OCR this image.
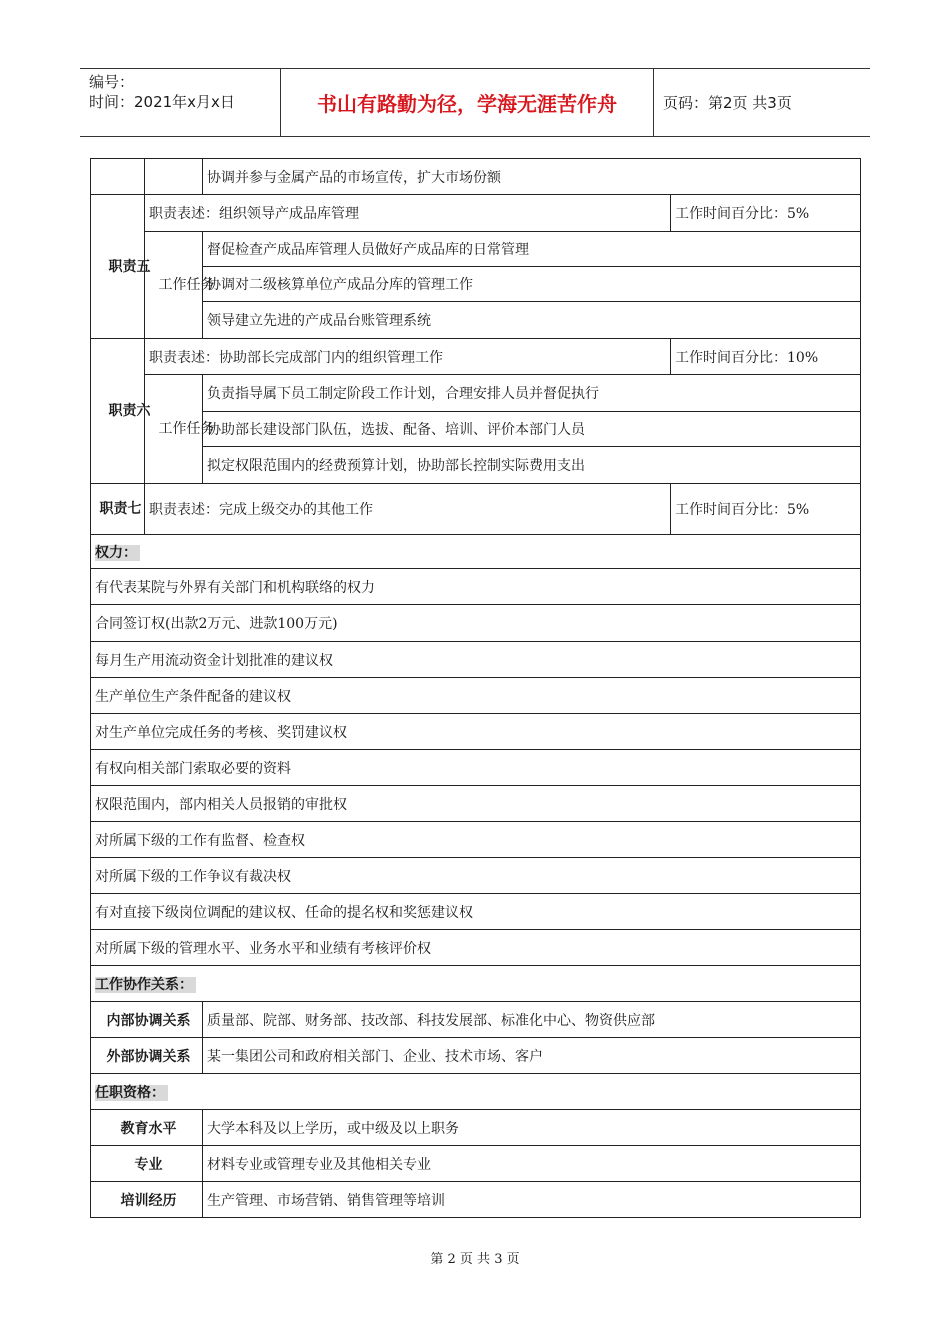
编号：
时间：2021年x月x日	书山有路勤为径，学海无涯苦作舟	页码：第2页 共3页
		协调并参与金属产品的市场宣传，扩大市场份额	

职责五	职责表述：组织领导产成品库管理		工作时间百分比：5%

	工作任务	督促检查产成品库管理人员做好产成品库的日常管理	
		协调对二级核算单位产成品分库的管理工作	
		领导建立先进的产成品台账管理系统	

职责六	职责表述：协助部长完成部门内的组织管理工作		工作时间百分比：10%

	工作任务	负责指导属下员工制定阶段工作计划，合理安排人员并督促执行	
		协助部长建设部门队伍，选拔、配备、培训、评价本部门人员	
		拟定权限范围内的经费预算计划，协助部长控制实际费用支出	

职责七	职责表述：完成上级交办的其他工作		工作时间百分比：5%
权力：			
有代表某院与外界有关部门和机构联络的权力			
合同签订权(出款2万元、进款100万元)			
每月生产用流动资金计划批准的建议权			
生产单位生产条件配备的建议权			
对生产单位完成任务的考核、奖罚建议权			
有权向相关部门索取必要的资料			
权限范围内，部内相关人员报销的审批权			
对所属下级的工作有监督、检查权			
对所属下级的工作争议有裁决权			
有对直接下级岗位调配的建议权、任命的提名权和奖惩建议权			
对所属下级的管理水平、业务水平和业绩有考核评价权			
工作协作关系：			
内部协调关系		质量部、院部、财务部、技改部、科技发展部、标准化中心、物资供应部	
外部协调关系		某一集团公司和政府相关部门、企业、技术市场、客户	
任职资格：			
教育水平		大学本科及以上学历，或中级及以上职务	
专业		材料专业或管理专业及其他相关专业	
培训经历		生产管理、市场营销、销售管理等培训	
第 2 页 共 3 页
